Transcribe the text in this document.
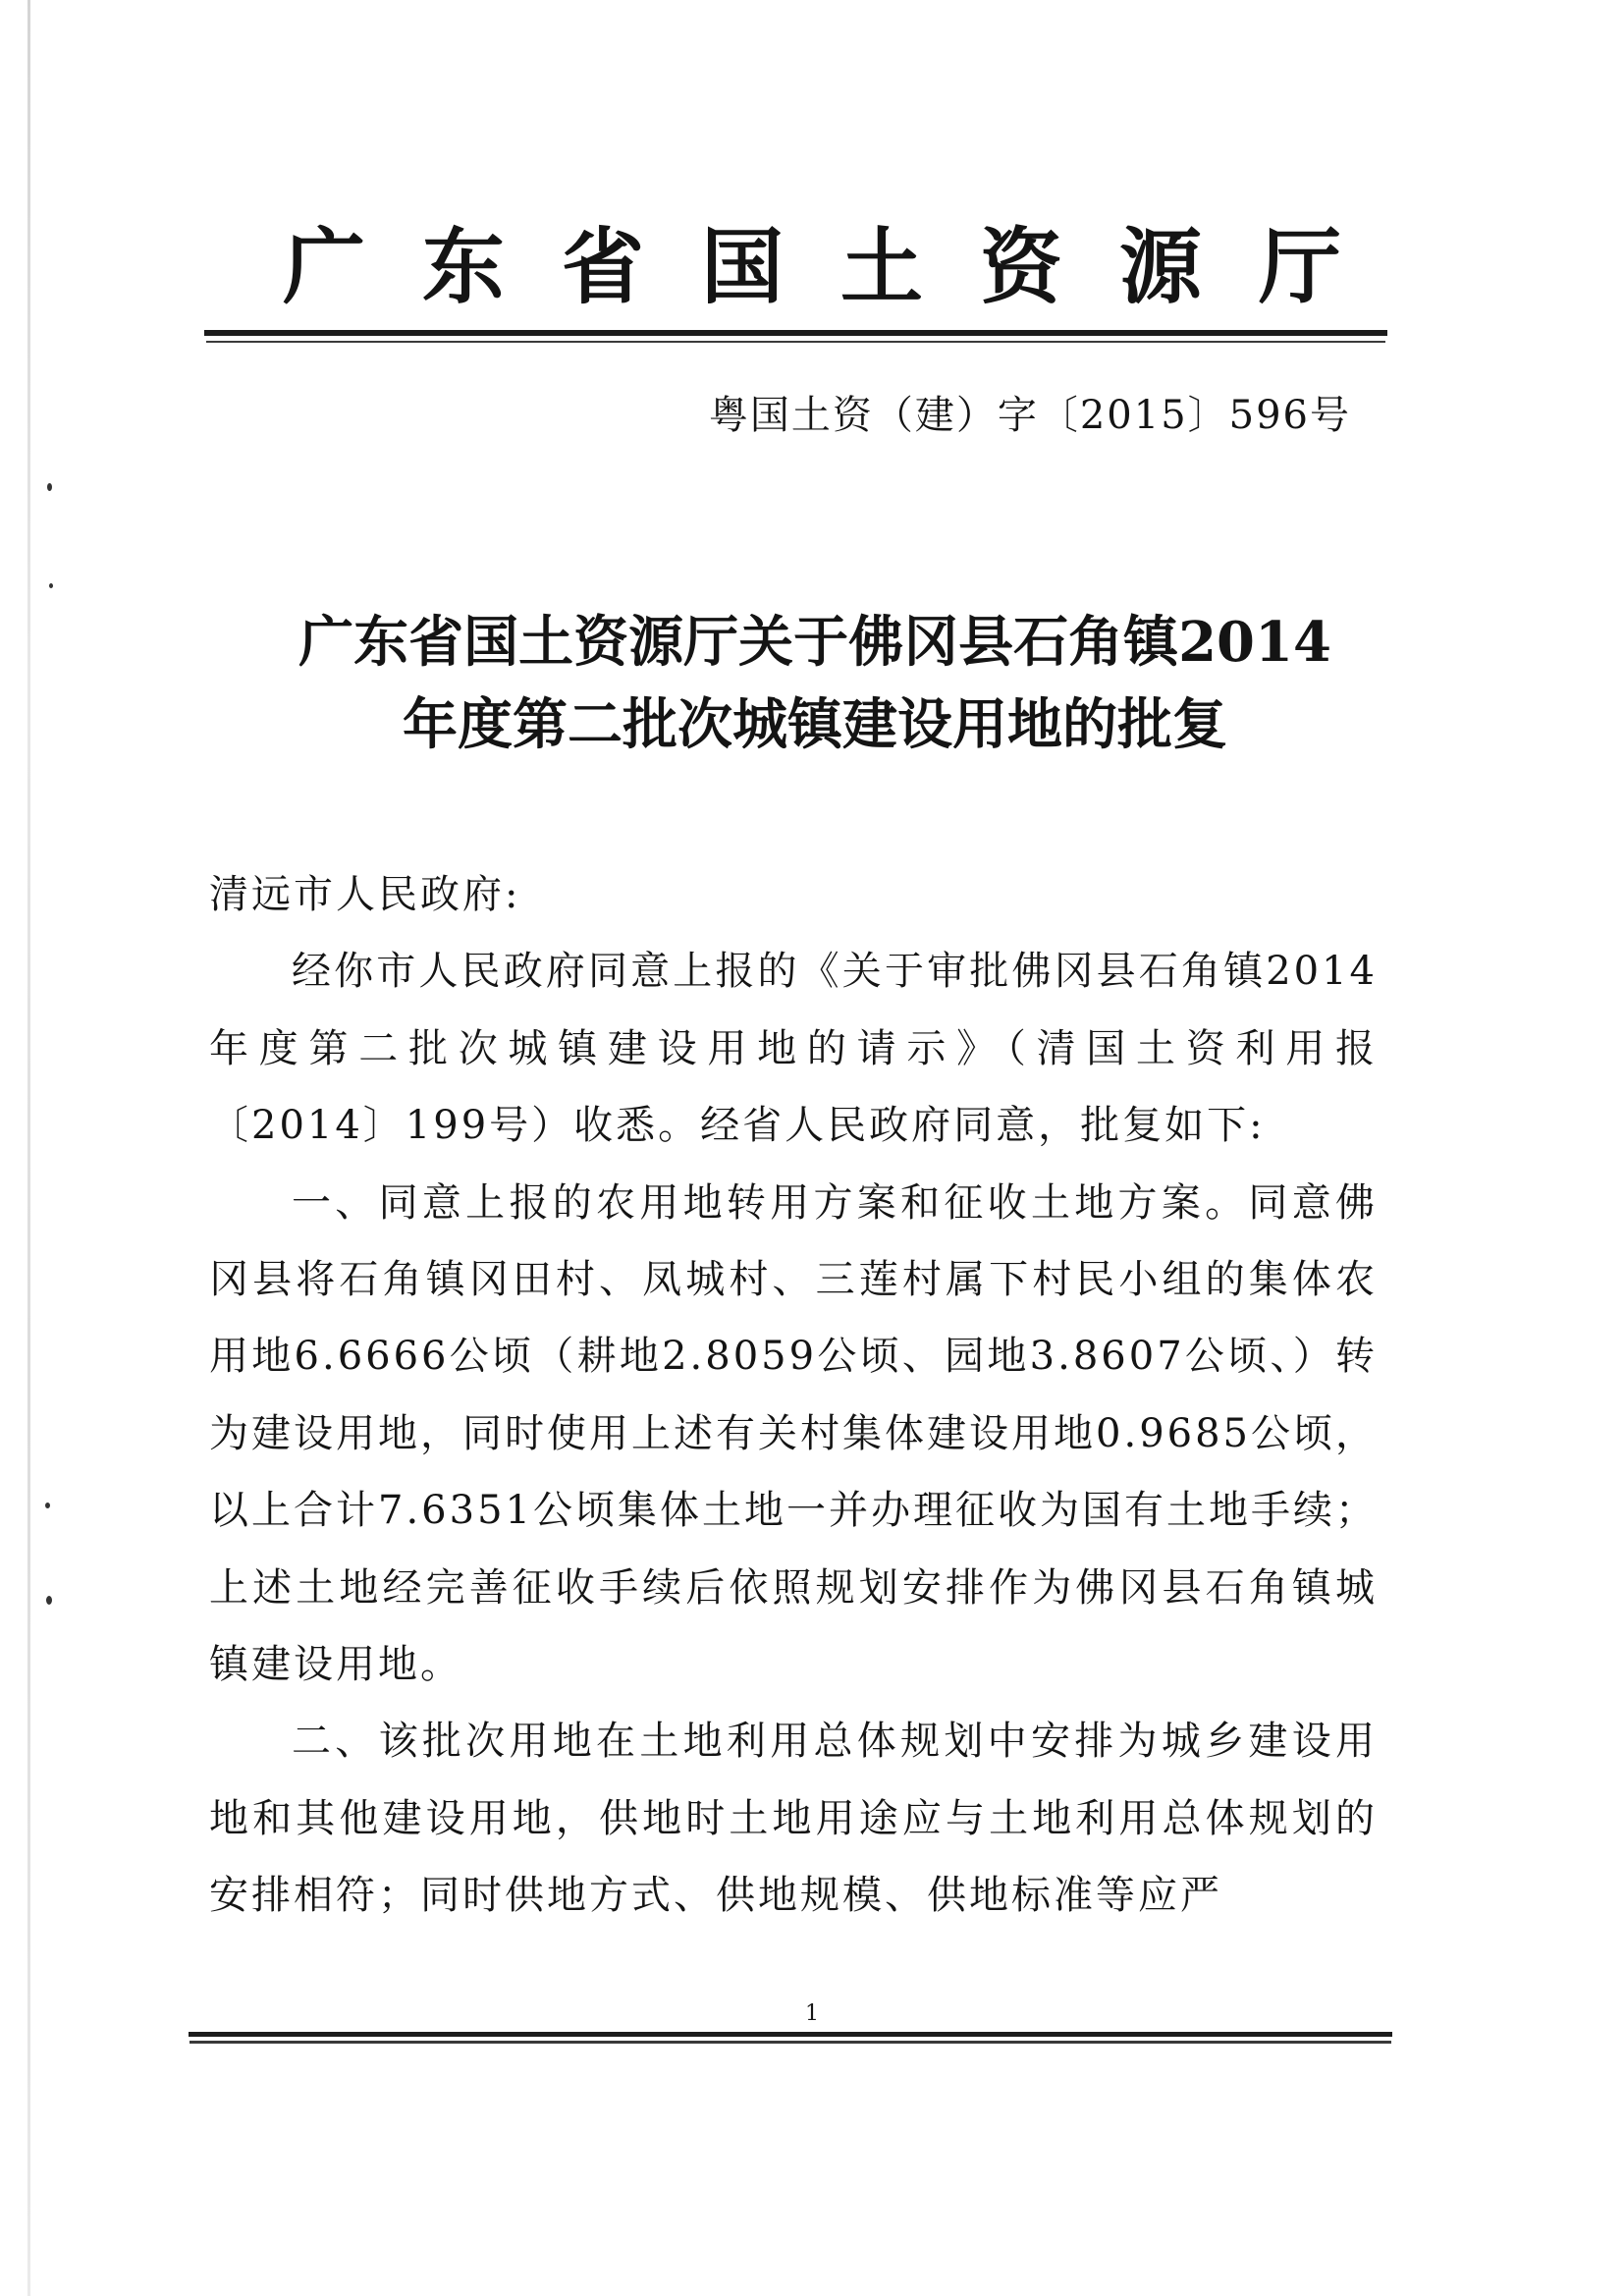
广东省国土资源厅
粤国土资（建）字〔2015〕596号
广东省国土资源厅关于佛冈县石角镇2014
年度第二批次城镇建设用地的批复

清远市人民政府:

经你市人民政府同意上报的《关于审批佛冈县石角镇2014年度第二批次城镇建设用地的请示》（清国土资利用报〔2014〕199号）收悉。经省人民政府同意，批复如下:

一、同意上报的农用地转用方案和征收土地方案。同意佛冈县将石角镇冈田村、凤城村、三莲村属下村民小组的集体农用地6.6666公顷（耕地2.8059公顷、园地3.8607公顷、）转为建设用地，同时使用上述有关村集体建设用地0.9685公顷，以上合计7.6351公顷集体土地一并办理征收为国有土地手续；上述土地经完善征收手续后依照规划安排作为佛冈县石角镇城镇建设用地。

二、该批次用地在土地利用总体规划中安排为城乡建设用地和其他建设用地，供地时土地用途应与土地利用总体规划的安排相符；同时供地方式、供地规模、供地标准等应严

1
